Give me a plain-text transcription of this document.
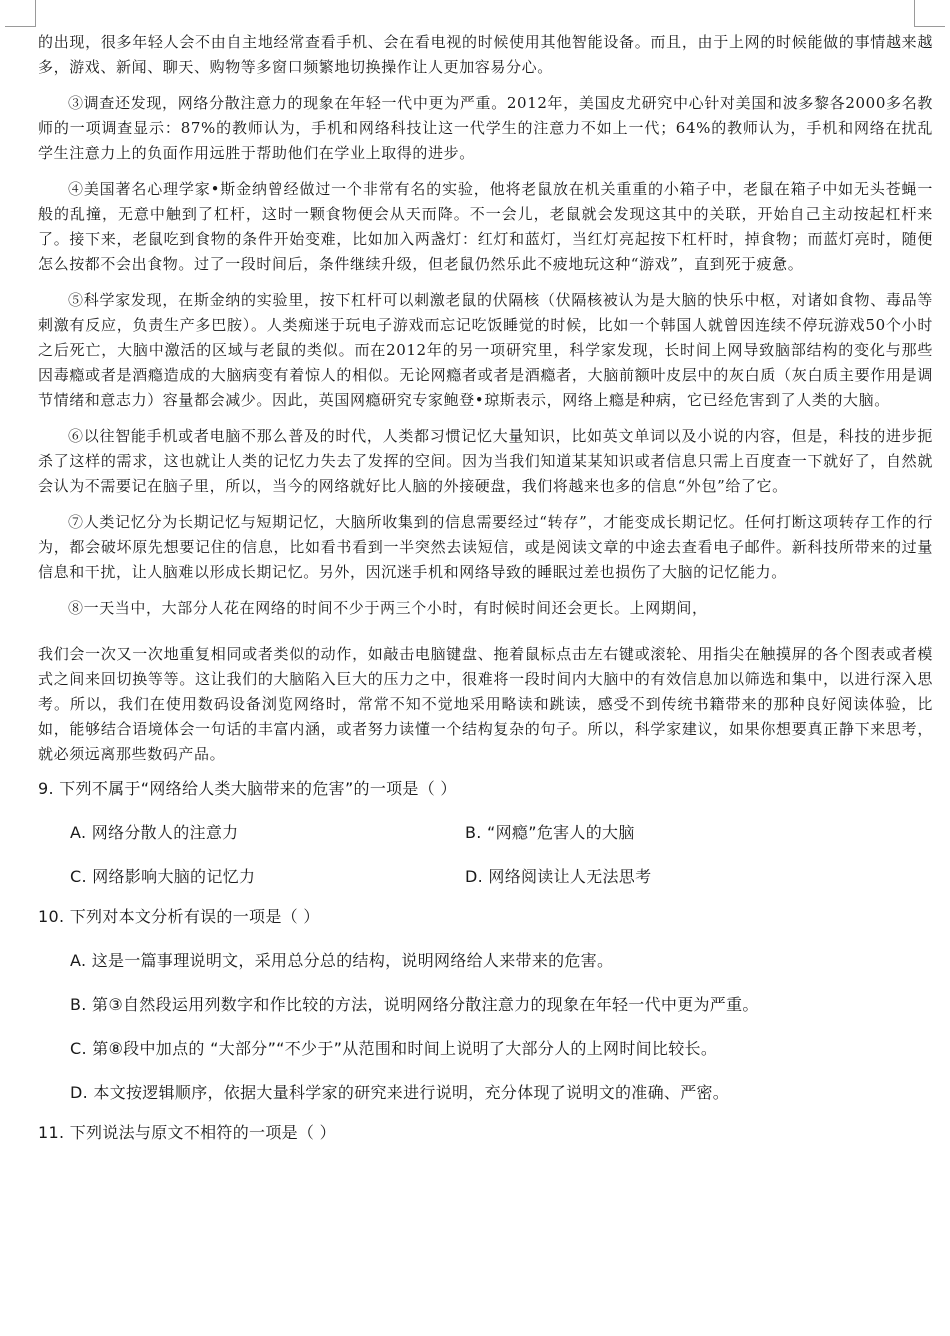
的出现，很多年轻人会不由自主地经常查看手机、会在看电视的时候使用其他智能设备。而且，由于上网的时候能做的事情越来越多，游戏、新闻、聊天、购物等多窗口频繁地切换操作让人更加容易分心。

③调查还发现，网络分散注意力的现象在年轻一代中更为严重。2012年，美国皮尤研究中心针对美国和波多黎各2000多名教师的一项调查显示：87%的教师认为，手机和网络科技让这一代学生的注意力不如上一代；64%的教师认为，手机和网络在扰乱学生注意力上的负面作用远胜于帮助他们在学业上取得的进步。

④美国著名心理学家•斯金纳曾经做过一个非常有名的实验，他将老鼠放在机关重重的小箱子中，老鼠在箱子中如无头苍蝇一般的乱撞，无意中触到了杠杆，这时一颗食物便会从天而降。不一会儿，老鼠就会发现这其中的关联，开始自己主动按起杠杆来了。接下来，老鼠吃到食物的条件开始变难，比如加入两盏灯：红灯和蓝灯，当红灯亮起按下杠杆时，掉食物；而蓝灯亮时，随便怎么按都不会出食物。过了一段时间后，条件继续升级，但老鼠仍然乐此不疲地玩这种“游戏”，直到死于疲惫。

⑤科学家发现，在斯金纳的实验里，按下杠杆可以刺激老鼠的伏隔核（伏隔核被认为是大脑的快乐中枢，对诸如食物、毒品等刺激有反应，负责生产多巴胺）。人类痴迷于玩电子游戏而忘记吃饭睡觉的时候，比如一个韩国人就曾因连续不停玩游戏50个小时之后死亡，大脑中激活的区域与老鼠的类似。而在2012年的另一项研究里，科学家发现，长时间上网导致脑部结构的变化与那些因毒瘾或者是酒瘾造成的大脑病变有着惊人的相似。无论网瘾者或者是酒瘾者，大脑前额叶皮层中的灰白质（灰白质主要作用是调节情绪和意志力）容量都会减少。因此，英国网瘾研究专家鲍登•琼斯表示，网络上瘾是种病，它已经危害到了人类的大脑。

⑥以往智能手机或者电脑不那么普及的时代，人类都习惯记忆大量知识，比如英文单词以及小说的内容，但是，科技的进步扼杀了这样的需求，这也就让人类的记忆力失去了发挥的空间。因为当我们知道某某知识或者信息只需上百度查一下就好了，自然就会认为不需要记在脑子里，所以，当今的网络就好比人脑的外接硬盘，我们将越来也多的信息“外包”给了它。

⑦人类记忆分为长期记忆与短期记忆，大脑所收集到的信息需要经过“转存”，才能变成长期记忆。任何打断这项转存工作的行为，都会破坏原先想要记住的信息，比如看书看到一半突然去读短信，或是阅读文章的中途去查看电子邮件。新科技所带来的过量信息和干扰，让人脑难以形成长期记忆。另外，因沉迷手机和网络导致的睡眠过差也损伤了大脑的记忆能力。

⑧一天当中，大部分人花在网络的时间不少于两三个小时，有时候时间还会更长。上网期间，

我们会一次又一次地重复相同或者类似的动作，如敲击电脑键盘、拖着鼠标点击左右键或滚轮、用指尖在触摸屏的各个图表或者模式之间来回切换等等。这让我们的大脑陷入巨大的压力之中，很难将一段时间内大脑中的有效信息加以筛选和集中，以进行深入思考。所以，我们在使用数码设备浏览网络时，常常不知不觉地采用略读和跳读，感受不到传统书籍带来的那种良好阅读体验，比如，能够结合语境体会一句话的丰富内涵，或者努力读懂一个结构复杂的句子。所以，科学家建议，如果你想要真正静下来思考，就必须远离那些数码产品。

9. 下列不属于“网络给人类大脑带来的危害”的一项是（ ）
A. 网络分散人的注意力	B. “网瘾”危害人的大脑
C. 网络影响大脑的记忆力	D. 网络阅读让人无法思考
10. 下列对本文分析有误的一项是（ ）
A. 这是一篇事理说明文，采用总分总的结构，说明网络给人来带来的危害。
B. 第③自然段运用列数字和作比较的方法，说明网络分散注意力的现象在年轻一代中更为严重。
C. 第⑧段中加点的 “大部分”“不少于”从范围和时间上说明了大部分人的上网时间比较长。
D. 本文按逻辑顺序，依据大量科学家的研究来进行说明，充分体现了说明文的准确、严密。
11. 下列说法与原文不相符的一项是（ ）
